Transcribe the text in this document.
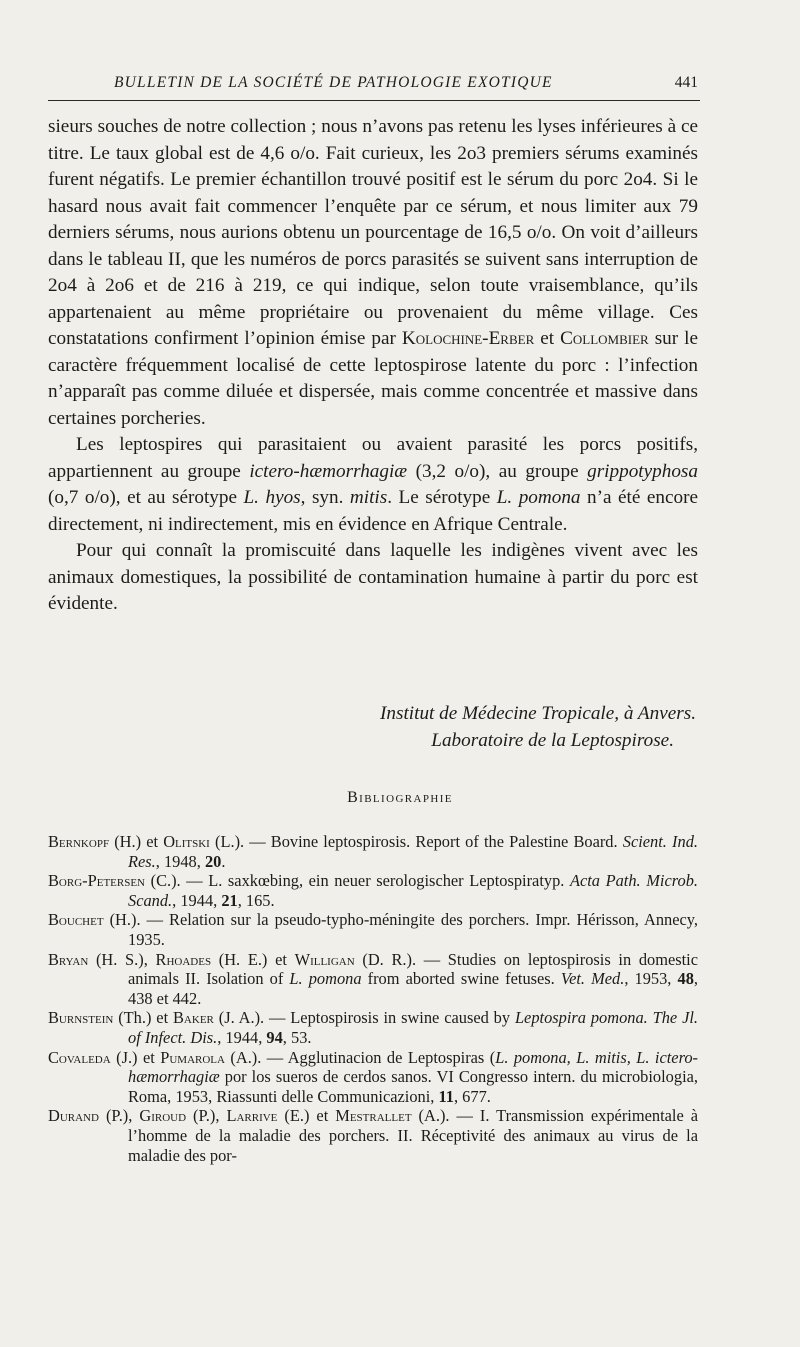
BULLETIN DE LA SOCIÉTÉ DE PATHOLOGIE EXOTIQUE	441

sieurs souches de notre collection ; nous n’avons pas retenu les lyses inférieures à ce titre. Le taux global est de 4,6 o/o. Fait curieux, les 2o3 premiers sérums examinés furent négatifs. Le premier échantillon trouvé positif est le sérum du porc 2o4. Si le hasard nous avait fait commencer l’enquête par ce sérum, et nous limiter aux 79 derniers sérums, nous aurions obtenu un pourcentage de 16,5 o/o. On voit d’ailleurs dans le tableau II, que les numéros de porcs parasités se suivent sans interruption de 2o4 à 2o6 et de 216 à 219, ce qui indique, selon toute vraisemblance, qu’ils appartenaient au même propriétaire ou provenaient du même village. Ces constatations confirment l’opinion émise par Kolochine-Erber et Collombier sur le caractère fréquemment localisé de cette leptospirose latente du porc : l’infection n’apparaît pas comme diluée et dispersée, mais comme concentrée et massive dans certaines porcheries.

Les leptospires qui parasitaient ou avaient parasité les porcs positifs, appartiennent au groupe ictero-hæmorrhagiæ (3,2 o/o), au groupe grippotyphosa (o,7 o/o), et au sérotype L. hyos, syn. mitis. Le sérotype L. pomona n’a été encore directement, ni indirectement, mis en évidence en Afrique Centrale.

Pour qui connaît la promiscuité dans laquelle les indigènes vivent avec les animaux domestiques, la possibilité de contamination humaine à partir du porc est évidente.

Institut de Médecine Tropicale, à Anvers.
Laboratoire de la Leptospirose.
Bibliographie
Bernkopf (H.) et Olitski (L.). — Bovine leptospirosis. Report of the Palestine Board. Scient. Ind. Res., 1948, 20.
Borg-Petersen (C.). — L. saxkœbing, ein neuer serologischer Leptospiratyp. Acta Path. Microb. Scand., 1944, 21, 165.
Bouchet (H.). — Relation sur la pseudo-typho-méningite des porchers. Impr. Hérisson, Annecy, 1935.
Bryan (H. S.), Rhoades (H. E.) et Willigan (D. R.). — Studies on leptospirosis in domestic animals II. Isolation of L. pomona from aborted swine fetuses. Vet. Med., 1953, 48, 438 et 442.
Burnstein (Th.) et Baker (J. A.). — Leptospirosis in swine caused by Leptospira pomona. The Jl. of Infect. Dis., 1944, 94, 53.
Covaleda (J.) et Pumarola (A.). — Agglutinacion de Leptospiras (L. pomona, L. mitis, L. ictero-hæmorrhagiæ por los sueros de cerdos sanos. VI Congresso intern. du microbiologia, Roma, 1953, Riassunti delle Communicazioni, 11, 677.
Durand (P.), Giroud (P.), Larrive (E.) et Mestrallet (A.). — I. Transmission expérimentale à l’homme de la maladie des porchers. II. Réceptivité des animaux au virus de la maladie des por-
